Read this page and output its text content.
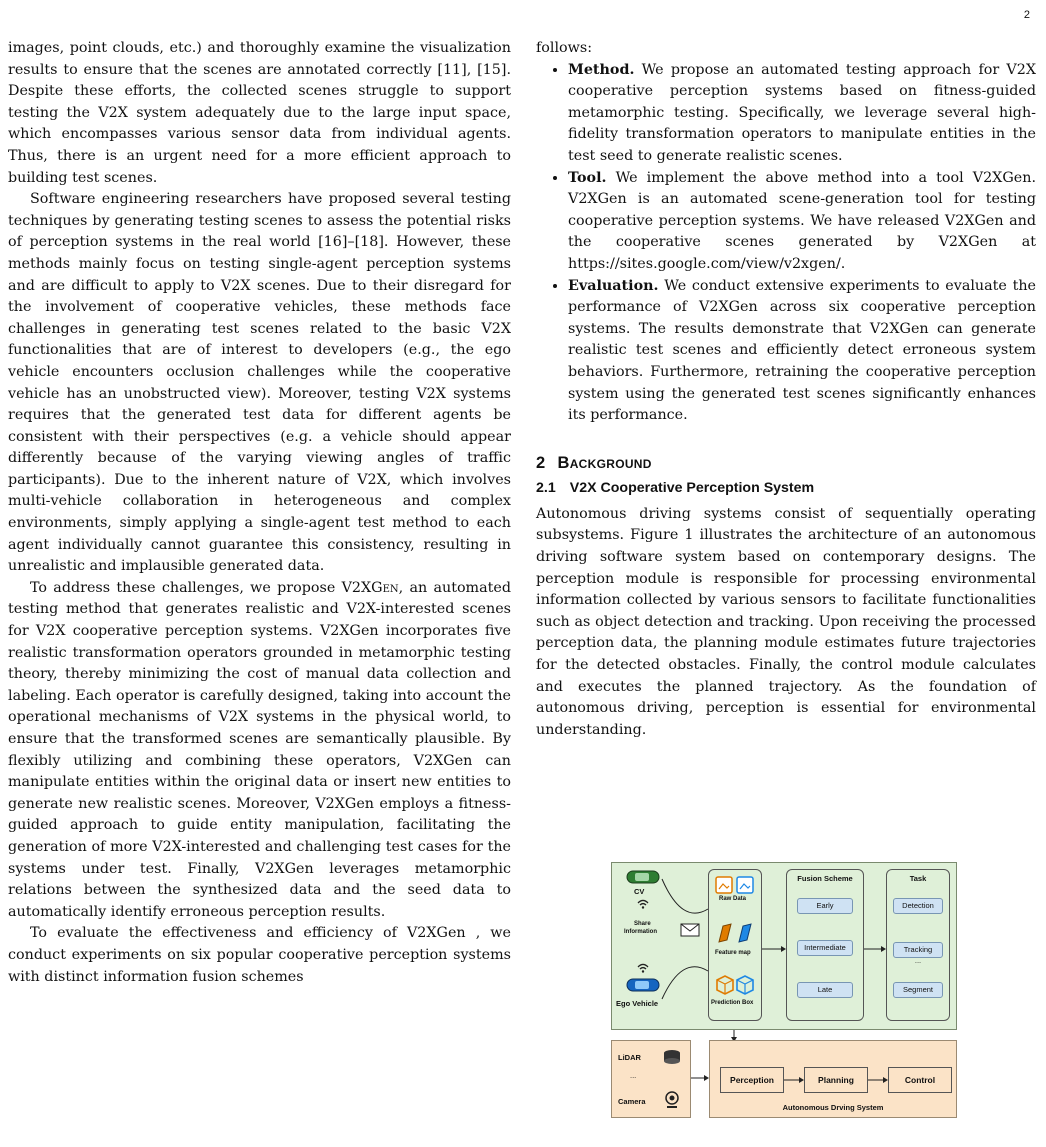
2

images, point clouds, etc.) and thoroughly examine the visualization results to ensure that the scenes are annotated correctly [11], [15]. Despite these efforts, the collected scenes struggle to support testing the V2X system adequately due to the large input space, which encompasses various sensor data from individual agents. Thus, there is an urgent need for a more efficient approach to building test scenes.

Software engineering researchers have proposed several testing techniques by generating testing scenes to assess the potential risks of perception systems in the real world [16]–[18]. However, these methods mainly focus on testing single-agent perception systems and are difficult to apply to V2X scenes. Due to their disregard for the involvement of cooperative vehicles, these methods face challenges in generating test scenes related to the basic V2X functionalities that are of interest to developers (e.g., the ego vehicle encounters occlusion challenges while the cooperative vehicle has an unobstructed view). Moreover, testing V2X systems requires that the generated test data for different agents be consistent with their perspectives (e.g. a vehicle should appear differently because of the varying viewing angles of traffic participants). Due to the inherent nature of V2X, which involves multi-vehicle collaboration in heterogeneous and complex environments, simply applying a single-agent test method to each agent individually cannot guarantee this consistency, resulting in unrealistic and implausible generated data.

To address these challenges, we propose V2XGen, an automated testing method that generates realistic and V2X-interested scenes for V2X cooperative perception systems. V2XGen incorporates five realistic transformation operators grounded in metamorphic testing theory, thereby minimizing the cost of manual data collection and labeling. Each operator is carefully designed, taking into account the operational mechanisms of V2X systems in the physical world, to ensure that the transformed scenes are semantically plausible. By flexibly utilizing and combining these operators, V2XGen can manipulate entities within the original data or insert new entities to generate new realistic scenes. Moreover, V2XGen employs a fitness-guided approach to guide entity manipulation, facilitating the generation of more V2X-interested and challenging test cases for the systems under test. Finally, V2XGen leverages metamorphic relations between the synthesized data and the seed data to automatically identify erroneous perception results.

To evaluate the effectiveness and efficiency of V2XGen , we conduct experiments on six popular cooperative perception systems with distinct information fusion schemes

follows:

• Method. We propose an automated testing approach for V2X cooperative perception systems based on fitness-guided metamorphic testing. Specifically, we leverage several high-fidelity transformation operators to manipulate entities in the test seed to generate realistic scenes.
• Tool. We implement the above method into a tool V2XGen. V2XGen is an automated scene-generation tool for testing cooperative perception systems. We have released V2XGen and the cooperative scenes generated by V2XGen at https://sites.google.com/view/v2xgen/.
• Evaluation. We conduct extensive experiments to evaluate the performance of V2XGen across six cooperative perception systems. The results demonstrate that V2XGen can generate realistic test scenes and efficiently detect erroneous system behaviors. Furthermore, retraining the cooperative perception system using the generated test scenes significantly enhances its performance.
2 Background
2.1 V2X Cooperative Perception System

Autonomous driving systems consist of sequentially operating subsystems. Figure 1 illustrates the architecture of an autonomous driving software system based on contemporary designs. The perception module is responsible for processing environmental information collected by various sensors to facilitate functionalities such as object detection and tracking. Upon receiving the processed perception data, the planning module estimates future trajectories for the detected obstacles. Finally, the control module calculates and executes the planned trajectory. As the foundation of autonomous driving, perception is essential for environmental understanding.

CV
Share
Information
Ego Vehicle
Raw Data
Feature map
Prediction Box
Fusion Scheme
Early
Intermediate
Late
Task
Detection
Tracking
...
Segment
LiDAR
...
Camera
Perception	Planning	Control
Autonomous Drving System
